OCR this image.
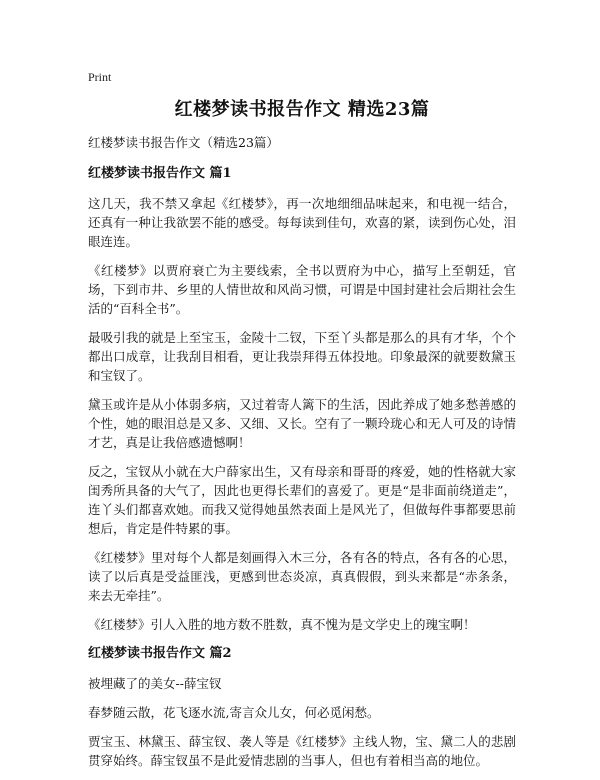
Print
红楼梦读书报告作文 精选23篇
红楼梦读书报告作文（精选23篇）
红楼梦读书报告作文 篇1

这几天，我不禁又拿起《红楼梦》，再一次地细细品味起来，和电视一结合，还真有一种让我欲罢不能的感受。每每读到佳句，欢喜的紧，读到伤心处，泪眼连连。

《红楼梦》以贾府衰亡为主要线索，全书以贾府为中心，描写上至朝廷，官场，下到市井、乡里的人情世故和风尚习惯，可谓是中国封建社会后期社会生活的“百科全书”。

最吸引我的就是上至宝玉，金陵十二钗，下至丫头都是那么的具有才华，个个都出口成章，让我刮目相看，更让我崇拜得五体投地。印象最深的就要数黛玉和宝钗了。

黛玉或许是从小体弱多病，又过着寄人篱下的生活，因此养成了她多愁善感的个性，她的眼泪总是又多、又细、又长。空有了一颗玲珑心和无人可及的诗情才艺，真是让我倍感遗憾啊！

反之，宝钗从小就在大户薛家出生，又有母亲和哥哥的疼爱，她的性格就大家闺秀所具备的大气了，因此也更得长辈们的喜爱了。更是“是非面前绕道走”，连丫头们都喜欢她。而我又觉得她虽然表面上是风光了，但做每件事都要思前想后，肯定是件特累的事。

《红楼梦》里对每个人都是刻画得入木三分，各有各的特点，各有各的心思，读了以后真是受益匪浅，更感到世态炎凉，真真假假，到头来都是“赤条条，来去无牵挂”。

《红楼梦》引人入胜的地方数不胜数，真不愧为是文学史上的瑰宝啊！

红楼梦读书报告作文 篇2

被埋藏了的美女--薛宝钗

春梦随云散，花飞逐水流,寄言众儿女，何必觅闲愁。

贾宝玉、林黛玉、薛宝钗、袭人等是《红楼梦》主线人物，宝、黛二人的悲剧贯穿始终。薛宝钗虽不是此爱情悲剧的当事人，但也有着相当高的地位。
